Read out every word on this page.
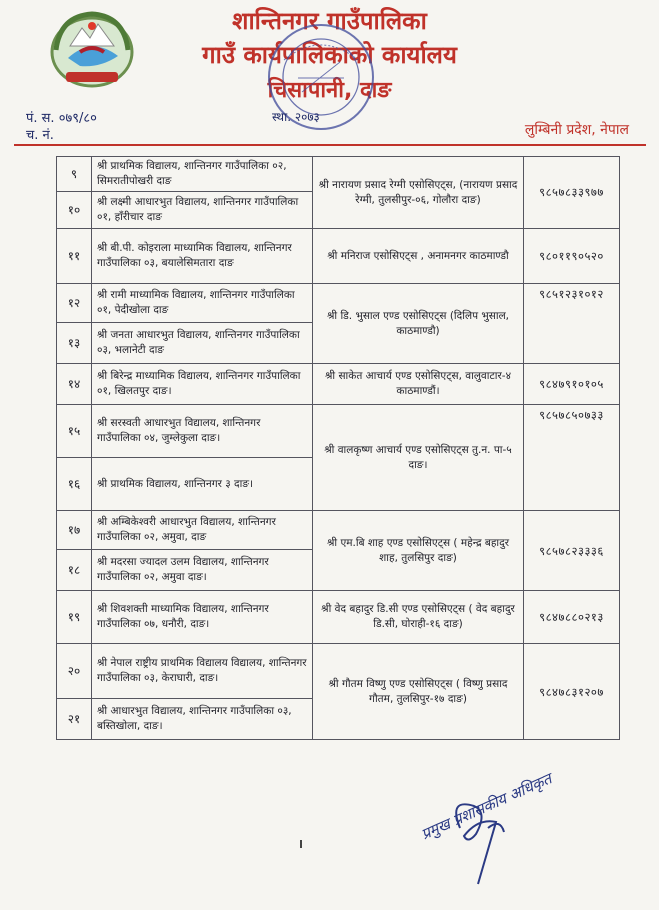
शान्तिनगर गाउँपालिका
गाउँ कार्यपालिकाको कार्यालय
चिसापानी, दाङ
पं. स. ०७९/८०
च. नं.
स्था. २०७३
लुम्बिनी प्रदेश, नेपाल
९	श्री प्राथमिक विद्यालय, शान्तिनगर गाउँपालिका ०२, सिमरातीपोखरी दाङ	श्री नारायण प्रसाद रेग्मी एसोसिएट्स, (नारायण प्रसाद रेग्मी, तुलसीपुर-०६, गोलौरा दाङ)	९८५७८३३९७७
१०	श्री लक्ष्मी आधारभुत विद्यालय, शान्तिनगर गाउँपालिका ०१, हाँरीचार दाङ		
११	श्री बी.पी. कोइराला माध्यामिक विद्यालय, शान्तिनगर गाउँपालिका ०३, बयालेसिमतारा दाङ	श्री मनिराज एसोसिएट्स , अनामनगर काठमाण्डौ	९८०११९०५२०
१२	श्री रामी माध्यामिक विद्यालय, शान्तिनगर गाउँपालिका ०१, पेदीखोला दाङ	श्री डि. भुसाल एण्ड एसोसिएट्स (दिलिप भुसाल, काठमाण्डौ)	९८५१२३१०१२
१३	श्री जनता आधारभुत विद्यालय, शान्तिनगर गाउँपालिका ०३, भलानेटी दाङ		
१४	श्री बिरेन्द्र माध्यामिक विद्यालय, शान्तिनगर गाउँपालिका ०१, खिलतपुर दाङ।	श्री साकेत आचार्य एण्ड एसोसिएट्स, वालुवाटार-४ काठमाण्डौं।	९८४७९१०१०५
१५	श्री सरस्वती आधारभुत विद्यालय, शान्तिनगर गाउँपालिका ०४, जुम्लेकुला दाङ।	श्री वालकृष्ण आचार्य एण्ड एसोसिएट्स तु.न. पा-५ दाङ।	९८५७८५०७३३
१६	श्री प्राथमिक विद्यालय, शान्तिनगर ३ दाङ।		
१७	श्री अम्बिकेश्वरी आधारभुत विद्यालय, शान्तिनगर गाउँपालिका ०२, अमुवा, दाङ	श्री एम.बि शाह एण्ड एसोसिएट्स ( महेन्द्र बहादुर शाह, तुलसिपुर दाङ)	९८५७८२३३३६
१८	श्री मदरसा ज्यादल उलम विद्यालय, शान्तिनगर गाउँपालिका ०२, अमुवा दाङ।		
१९	श्री शिवशक्ती माध्यामिक विद्यालय, शान्तिनगर गाउँपालिका ०७, धनौरी, दाङ।	श्री वेद बहादुर डि.सी एण्ड एसोसिएट्स ( वेद बहादुर डि.सी, घोराही-१६ दाङ)	९८४७८८०२१३
२०	श्री नेपाल राष्ट्रीय प्राथमिक विद्यालय विद्यालय, शान्तिनगर गाउँपालिका ०३, केराघारी, दाङ।	श्री गौतम विष्णु एण्ड एसोसिएट्स ( विष्णु प्रसाद गौतम, तुलसिपुर-१७ दाङ)	९८४७८३१२०७
२१	श्री आधारभुत विद्यालय, शान्तिनगर गाउँपालिका ०३, बस्तिखोला, दाङ।		
प्रमुख प्रशासकीय अधिकृत
